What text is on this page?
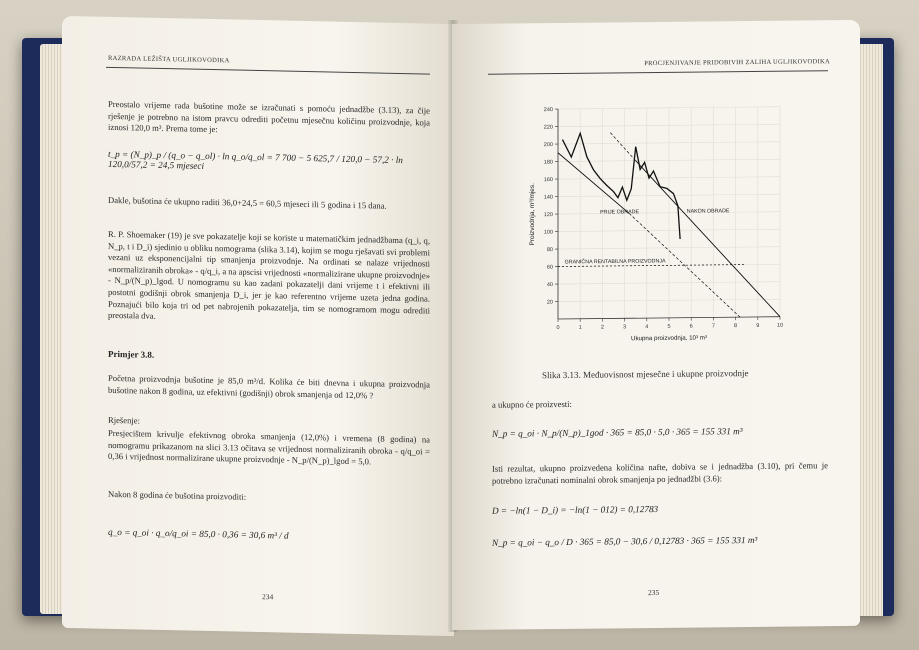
RAZRADA LEŽIŠTA UGLJIKOVODIKA
Preostalo vrijeme rada bušotine može se izračunati s pomoću jednadžbe (3.13), za čije rješenje je potrebno na istom pravcu odrediti početnu mjesečnu količinu proizvodnje, koja iznosi 120,0 m³. Prema tome je:
t_p = (N_p)_p / (q_o − q_ol) · ln q_o/q_ol = 7 700 − 5 625,7 / 120,0 − 57,2 · ln 120,0/57,2 = 24,5 mjeseci
Dakle, bušotina će ukupno raditi 36,0+24,5 = 60,5 mjeseci ili 5 godina i 15 dana.
R. P. Shoemaker (19) je sve pokazatelje koji se koriste u matematičkim jednadžbama (q_i, q, N_p, t i D_i) sjedinio u obliku nomograma (slika 3.14), kojim se mogu rješavati svi problemi vezani uz eksponencijalni tip smanjenja proizvodnje. Na ordinati se nalaze vrijednosti «normaliziranih obroka» - q/q_i, a na apscisi vrijednosti «normalizirane ukupne proizvodnje» - N_p/(N_p)_lgod. U nomogramu su kao zadani pokazatelji dani vrijeme t i efektivni ili postotni godišnji obrok smanjenja D_i, jer je kao referentno vrijeme uzeta jedna godina. Poznajući bilo koja tri od pet nabrojenih pokazatelja, tim se nomogramom mogu odrediti preostala dva.
Primjer 3.8.
Početna proizvodnja bušotine je 85,0 m³/d. Kolika će biti dnevna i ukupna proizvodnja bušotine nakon 8 godina, uz efektivni (godišnji) obrok smanjenja od 12,0% ?
Rješenje:
Presjecištem krivulje efektivnog obroka smanjenja (12,0%) i vremena (8 godina) na nomogramu prikazanom na slici 3.13 očitava se vrijednost normaliziranih obroka - q/q_oi = 0,36 i vrijednost normalizirane ukupne proizvodnje - N_p/(N_p)_lgod = 5,0.
Nakon 8 godina će bušotina proizvoditi:
q_o = q_oi · q_o/q_oi = 85,0 · 0,36 = 30,6 m³ / d
234
PROCJENJIVANJE PRIDOBIVIH ZALIHA UGLJIKOVODIKA
20
40
60
80
100
120
140
160
180
200
220
240
0	1	2	3	4	5	6	7	8	9	10
PRIJE OBRADE	NAKON OBRADE
GRANIČNA RENTABILNA PROIZVODNJA
Ukupna proizvodnja, 10³ m³
Proizvodnja, m³/mjes.
Slika 3.13. Međuovisnost mjesečne i ukupne proizvodnje
a ukupno će proizvesti:
N_p = q_oi · N_p/(N_p)_1god · 365 = 85,0 · 5,0 · 365 = 155 331 m³
Isti rezultat, ukupno proizvedena količina nafte, dobiva se i jednadžba (3.10), pri čemu je potrebno izračunati nominalni obrok smanjenja po jednadžbi (3.6):
D = −ln(1 − D_i) = −ln(1 − 012) = 0,12783
N_p = q_oi − q_o / D · 365 = 85,0 − 30,6 / 0,12783 · 365 = 155 331 m³
235
